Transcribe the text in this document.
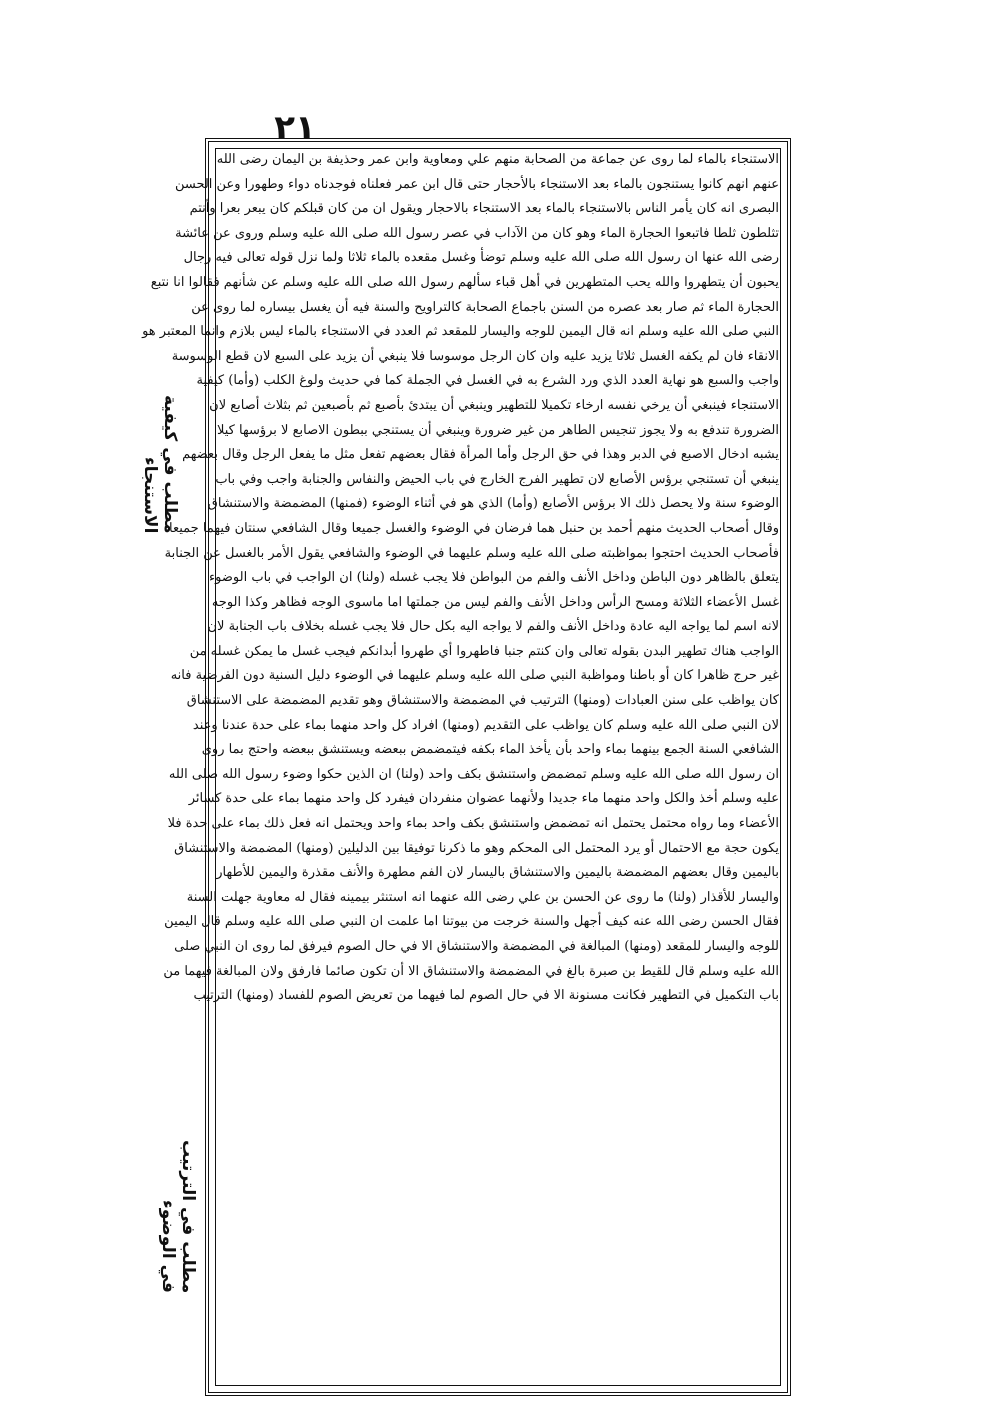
٢١
مطلب في كيفية
الاستنجاء
مطلب في الترتيب
في الوضوء
الاستنجاء بالماء لما روى عن جماعة من الصحابة منهم علي ومعاوية وابن عمر وحذيفة بن اليمان رضى الله
عنهم انهم كانوا يستنجون بالماء بعد الاستنجاء بالأحجار حتى قال ابن عمر فعلناه فوجدناه دواء وطهورا وعن الحسن
البصرى انه كان يأمر الناس بالاستنجاء بالماء بعد الاستنجاء بالاحجار ويقول ان من كان قبلكم كان يبعر بعرا وأنتم
تثلطون ثلطا فاتبعوا الحجارة الماء وهو كان من الآداب في عصر رسول الله صلى الله عليه وسلم وروى عن عائشة
رضى الله عنها ان رسول الله صلى الله عليه وسلم توضأ وغسل مقعده بالماء ثلاثا ولما نزل قوله تعالى فيه رجال
يحبون أن يتطهروا والله يحب المتطهرين في أهل قباء سألهم رسول الله صلى الله عليه وسلم عن شأنهم فقالوا انا نتبع
الحجارة الماء ثم صار بعد عصره من السنن باجماع الصحابة كالتراويح والسنة فيه أن يغسل بيساره لما روى عن
النبي صلى الله عليه وسلم انه قال اليمين للوجه واليسار للمقعد ثم العدد في الاستنجاء بالماء ليس بلازم وانما المعتبر هو
الانقاء فان لم يكفه الغسل ثلاثا يزيد عليه وان كان الرجل موسوسا فلا ينبغي أن يزيد على السبع لان قطع الوسوسة
واجب والسبع هو نهاية العدد الذي ورد الشرع به في الغسل في الجملة كما في حديث ولوغ الكلب (وأما) كيفية
الاستنجاء فينبغي أن يرخي نفسه ارخاء تكميلا للتطهير وينبغي أن يبتدئ بأصبع ثم بأصبعين ثم بثلاث أصابع لان
الضرورة تندفع به ولا يجوز تنجيس الطاهر من غير ضرورة وينبغي أن يستنجي ببطون الاصابع لا برؤسها كيلا
يشبه ادخال الاصبع في الدبر وهذا في حق الرجل وأما المرأة فقال بعضهم تفعل مثل ما يفعل الرجل وقال بعضهم
ينبغي أن تستنجي برؤس الأصابع لان تطهير الفرج الخارج في باب الحيض والنفاس والجنابة واجب وفي باب
الوضوء سنة ولا يحصل ذلك الا برؤس الأصابع (وأما) الذي هو في أثناء الوضوء (فمنها) المضمضة والاستنشاق
وقال أصحاب الحديث منهم أحمد بن حنبل هما فرضان في الوضوء والغسل جميعا وقال الشافعي سنتان فيهما جميعا
فأصحاب الحديث احتجوا بمواظبته صلى الله عليه وسلم عليهما في الوضوء والشافعي يقول الأمر بالغسل عن الجنابة
يتعلق بالظاهر دون الباطن وداخل الأنف والفم من البواطن فلا يجب غسله (ولنا) ان الواجب في باب الوضوء
غسل الأعضاء الثلاثة ومسح الرأس وداخل الأنف والفم ليس من جملتها اما ماسوى الوجه فظاهر وكذا الوجه
لانه اسم لما يواجه اليه عادة وداخل الأنف والفم لا يواجه اليه بكل حال فلا يجب غسله بخلاف باب الجنابة لان
الواجب هناك تطهير البدن بقوله تعالى وان كنتم جنبا فاطهروا أي طهروا أبدانكم فيجب غسل ما يمكن غسله من
غير حرج ظاهرا كان أو باطنا ومواظبة النبي صلى الله عليه وسلم عليهما في الوضوء دليل السنية دون الفرضية فانه
كان يواظب على سنن العبادات (ومنها) الترتيب في المضمضة والاستنشاق وهو تقديم المضمضة على الاستنشاق
لان النبي صلى الله عليه وسلم كان يواظب على التقديم (ومنها) افراد كل واحد منهما بماء على حدة عندنا وعند
الشافعي السنة الجمع بينهما بماء واحد بأن يأخذ الماء بكفه فيتمضمض ببعضه ويستنشق ببعضه واحتج بما روى
ان رسول الله صلى الله عليه وسلم تمضمض واستنشق بكف واحد (ولنا) ان الذين حكوا وضوء رسول الله صلى الله
عليه وسلم أخذ والكل واحد منهما ماء جديدا ولأنهما عضوان منفردان فيفرد كل واحد منهما بماء على حدة كسائر
الأعضاء وما رواه محتمل يحتمل انه تمضمض واستنشق بكف واحد بماء واحد ويحتمل انه فعل ذلك بماء على حدة فلا
يكون حجة مع الاحتمال أو يرد المحتمل الى المحكم وهو ما ذكرنا توفيقا بين الدليلين (ومنها) المضمضة والاستنشاق
باليمين وقال بعضهم المضمضة باليمين والاستنشاق باليسار لان الفم مطهرة والأنف مقذرة واليمين للأطهار
واليسار للأقذار (ولنا) ما روى عن الحسن بن علي رضى الله عنهما انه استنثر بيمينه فقال له معاوية جهلت السنة
فقال الحسن رضى الله عنه كيف أجهل والسنة خرجت من بيوتنا اما علمت ان النبي صلى الله عليه وسلم قال اليمين
للوجه واليسار للمقعد (ومنها) المبالغة في المضمضة والاستنشاق الا في حال الصوم فيرفق لما روى ان النبي صلى
الله عليه وسلم قال للقيط بن صبرة بالغ في المضمضة والاستنشاق الا أن تكون صائما فارفق ولان المبالغة فيهما من
باب التكميل في التطهير فكانت مسنونة الا في حال الصوم لما فيهما من تعريض الصوم للفساد (ومنها) الترتيب
